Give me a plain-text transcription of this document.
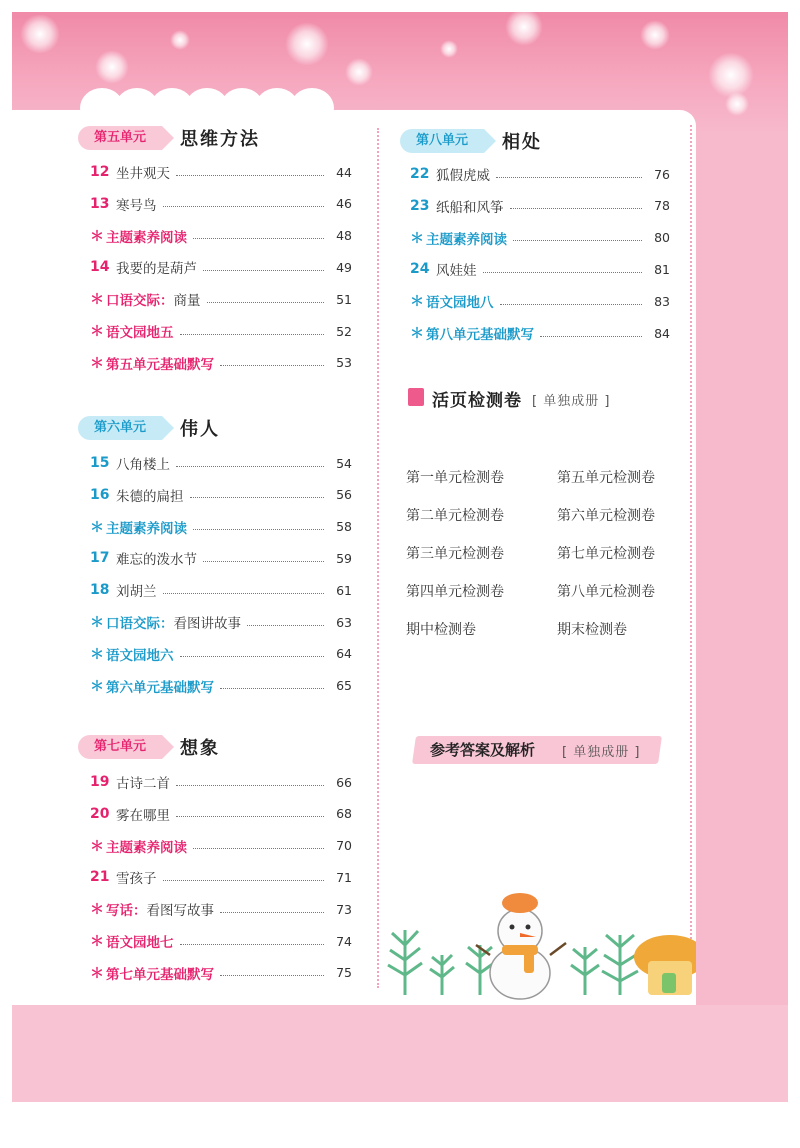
第五单元	思维方法
12 坐井观天	44
13 寒号鸟	46
＊ 主题素养阅读	48
14 我要的是葫芦	49
＊ 口语交际： 商量	51
＊ 语文园地五	52
＊ 第五单元基础默写	53
第六单元	伟人
15 八角楼上	54
16 朱德的扁担	56
＊ 主题素养阅读	58
17 难忘的泼水节	59
18 刘胡兰	61
＊ 口语交际： 看图讲故事	63
＊ 语文园地六	64
＊ 第六单元基础默写	65
第七单元	想象
19 古诗二首	66
20 雾在哪里	68
＊ 主题素养阅读	70
21 雪孩子	71
＊ 写话： 看图写故事	73
＊ 语文园地七	74
＊ 第七单元基础默写	75
第八单元	相处
22 狐假虎威	76
23 纸船和风筝	78
＊ 主题素养阅读	80
24 风娃娃	81
＊ 语文园地八	83
＊ 第八单元基础默写	84
活页检测卷 [ 单独成册 ]
第一单元检测卷	第五单元检测卷
第二单元检测卷	第六单元检测卷
第三单元检测卷	第七单元检测卷
第四单元检测卷	第八单元检测卷
期中检测卷	期末检测卷
参考答案及解析 [ 单独成册 ]
